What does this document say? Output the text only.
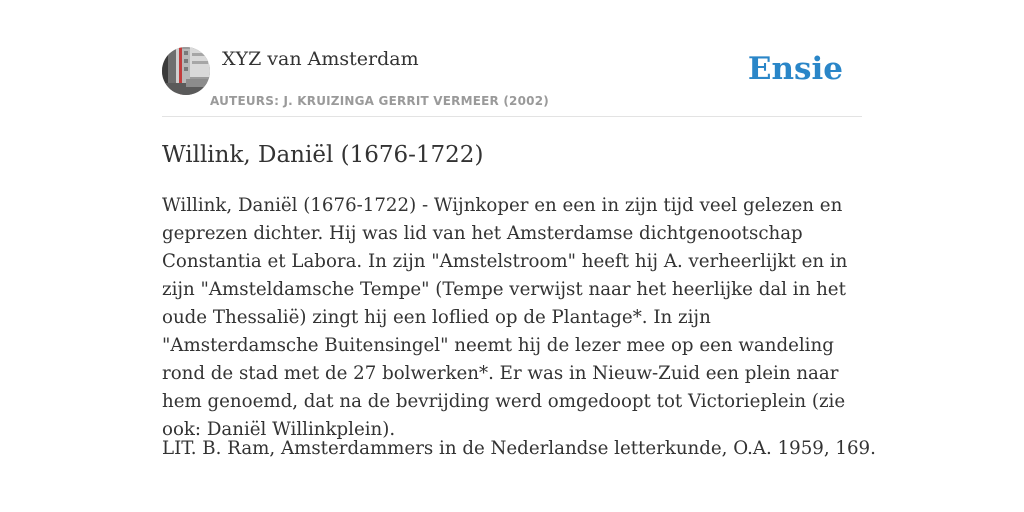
XYZ van Amsterdam
AUTEURS: J. KRUIZINGA GERRIT VERMEER (2002)
Ensie
Willink, Daniël (1676-1722)

Willink, Daniël (1676-1722) - Wijnkoper en een in zijn tijd veel gelezen en geprezen dichter. Hij was lid van het Amsterdamse dichtgenootschap Constantia et Labora. In zijn "Amstelstroom" heeft hij A. verheerlijkt en in zijn "Amsteldamsche Tempe" (Tempe verwijst naar het heerlijke dal in het oude Thessalië) zingt hij een loflied op de Plantage*. In zijn "Amsterdamsche Buitensingel" neemt hij de lezer mee op een wandeling rond de stad met de 27 bolwerken*. Er was in Nieuw-Zuid een plein naar hem genoemd, dat na de bevrijding werd omgedoopt tot Victorieplein (zie ook: Daniël Willinkplein).

LIT. B. Ram, Amsterdammers in de Nederlandse letterkunde, O.A. 1959, 169.
